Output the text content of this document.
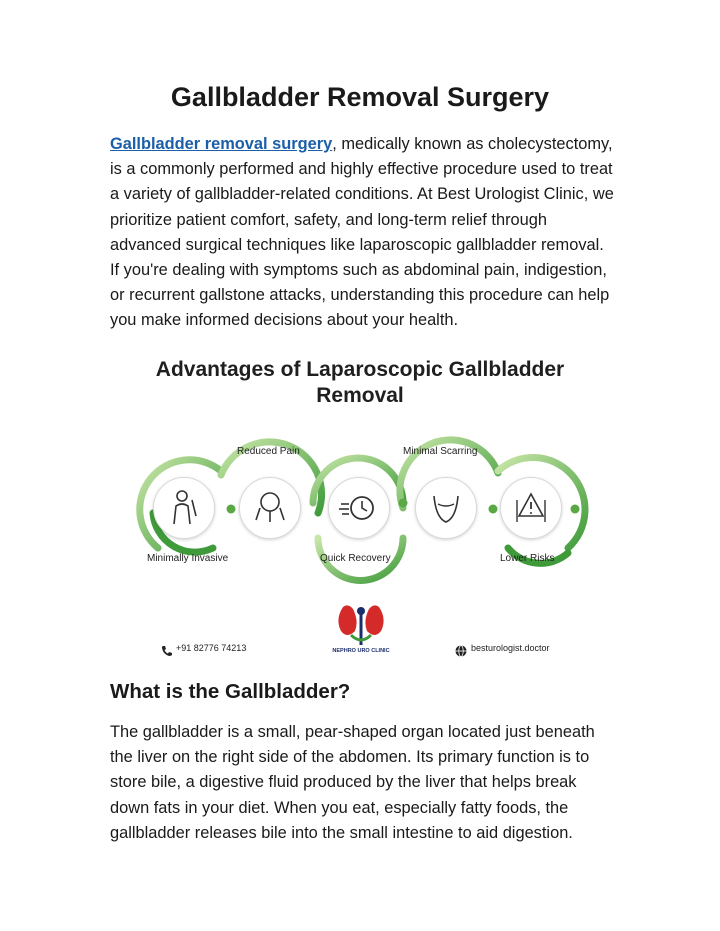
Gallbladder Removal Surgery

Gallbladder removal surgery, medically known as cholecystectomy, is a commonly performed and highly effective procedure used to treat a variety of gallbladder-related conditions. At Best Urologist Clinic, we prioritize patient comfort, safety, and long-term relief through advanced surgical techniques like laparoscopic gallbladder removal. If you're dealing with symptoms such as abdominal pain, indigestion, or recurrent gallstone attacks, understanding this procedure can help you make informed decisions about your health.

Advantages of Laparoscopic Gallbladder Removal
Reduced Pain	Minimal Scarring
Minimally Invasive	Quick Recovery	Lower Risks
+91 82776 74213	NEPHRO URO CLINIC	besturologist.doctor
What is the Gallbladder?

The gallbladder is a small, pear-shaped organ located just beneath the liver on the right side of the abdomen. Its primary function is to store bile, a digestive fluid produced by the liver that helps break down fats in your diet. When you eat, especially fatty foods, the gallbladder releases bile into the small intestine to aid digestion.
